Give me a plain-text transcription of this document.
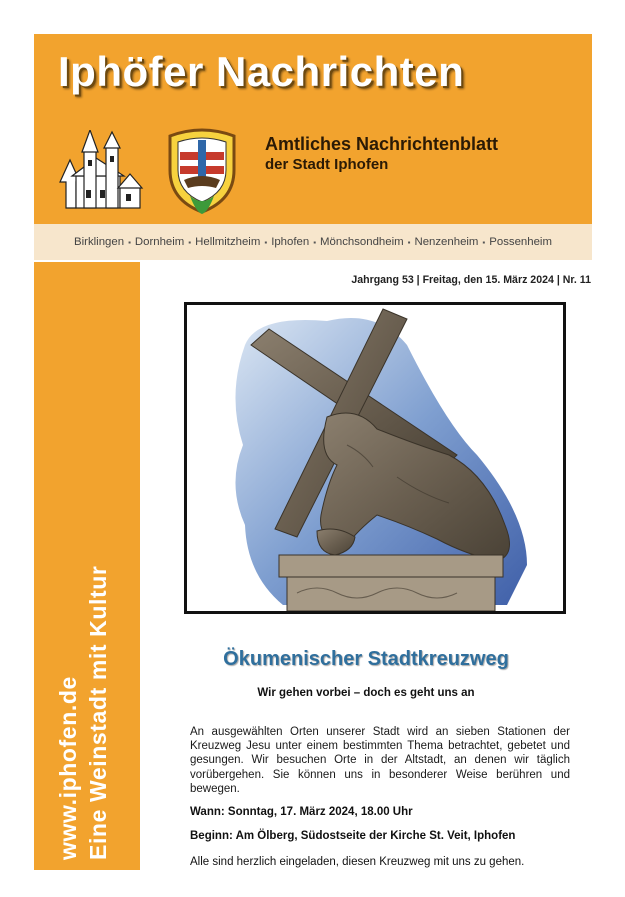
Iphöfer Nachrichten
Amtliches Nachrichtenblatt
der Stadt Iphofen
Birklingen ▪ Dornheim ▪ Hellmitzheim ▪ Iphofen ▪ Mönchsondheim ▪ Nenzenheim ▪ Possenheim
www.iphofen.de Eine Weinstadt mit Kultur
Jahrgang 53 | Freitag, den 15. März 2024 | Nr. 11
Ökumenischer Stadtkreuzweg
Wir gehen vorbei – doch es geht uns an

An ausgewählten Orten unserer Stadt wird an sieben Stationen der Kreuzweg Jesu unter einem bestimmten Thema betrachtet, gebetet und gesungen. Wir besuchen Orte in der Altstadt, an denen wir täglich vorübergehen. Sie können uns in besonderer Weise berühren und bewegen.

Wann: Sonntag, 17. März 2024, 18.00 Uhr
Beginn: Am Ölberg, Südostseite der Kirche St. Veit, Iphofen
Alle sind herzlich eingeladen, diesen Kreuzweg mit uns zu gehen.
